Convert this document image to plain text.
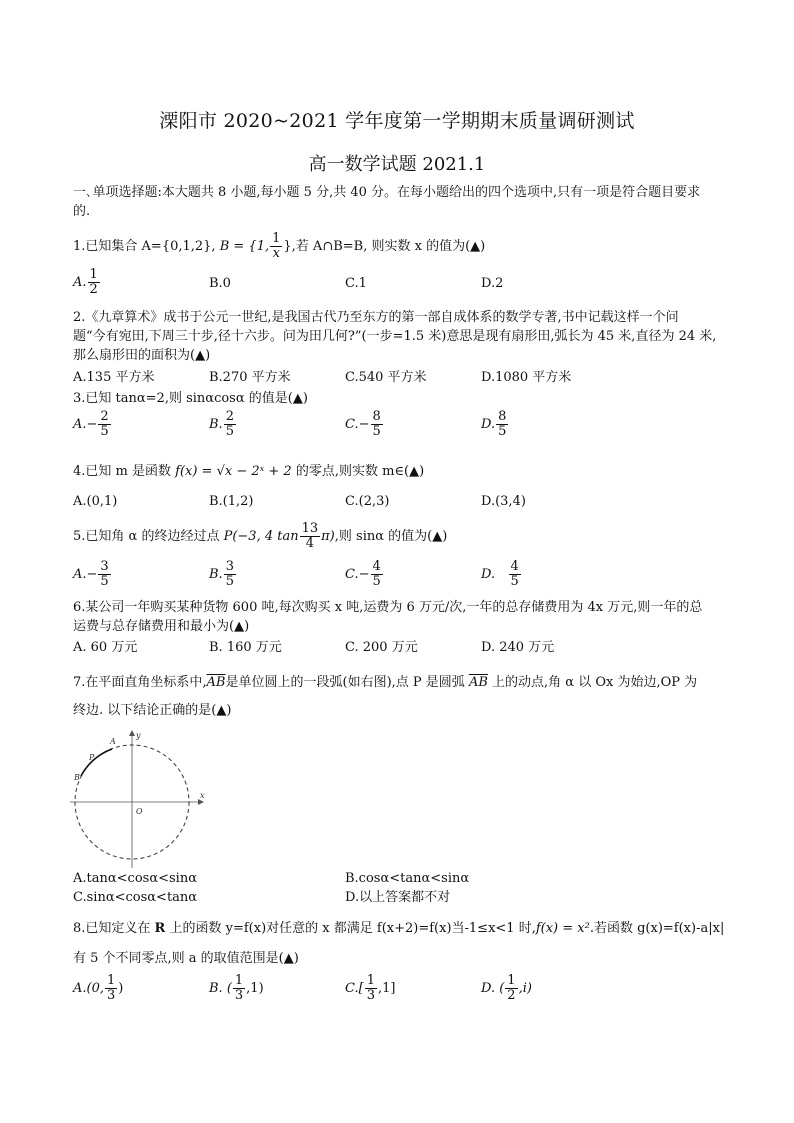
溧阳市 2020~2021 学年度第一学期期末质量调研测试
高一数学试题 2021.1
一､单项选择题:本大题共 8 小题,每小题 5 分,共 40 分。在每小题给出的四个选项中,只有一项是符合题目要求
的.
1.已知集合 A={0,1,2}, B = {1, $\frac{1}{x}$ },若 A∩B=B, 则实数 x 的值为(▲)
A. $\frac{1}{2}$	B.0	C.1	D.2
2.《九章算术》成书于公元一世纪,是我国古代乃至东方的第一部自成体系的数学专著,书中记载这样一个问
题“今有宛田,下周三十步,径十六步。问为田几何?”(一步=1.5 米)意思是现有扇形田,弧长为 45 米,直径为 24 米,
那么扇形田的面积为(▲)
A.135 平方米	B.270 平方米	C.540 平方米	D.1080 平方米
3.已知 tanα=2,则 sinαcosα 的值是(▲)
$A.- \frac{2}{5}$	B. $\frac{2}{5}$	$C.- \frac{8}{5}$	D. $\frac{8}{5}$
4.已知 m 是函数 f(x) = √x − 2ˣ + 2 的零点,则实数 m∈(▲)
A.(0,1)	B.(1,2)	C.(2,3)	D.(3,4)
5.已知角 α 的终边经过点 P(−3, 4 $\tan \frac{13}{4} \pi$),则 sinα 的值为(▲)
$A.- \frac{3}{5}$	B. $\frac{3}{5}$	$C.- \frac{4}{5}$	D. $\frac{4}{5}$
6.某公司一年购买某种货物 600 吨,每次购买 x 吨,运费为 6 万元/次,一年的总存储费用为 4x 万元,则一年的总
运费与总存储费用和最小为(▲)
A. 60 万元	B. 160 万元	C. 200 万元	D. 240 万元
7.在平面直角坐标系中$,\overline{AB}$是单位圆上的一段弧(如右图),点 P 是圆弧 $\overline{AB}$ 上的动点,角 α 以 Ox 为始边,OP 为
终边. 以下结论正确的是(▲)
y
x
O
A
P
B
A.tanα<cosα<sinα	B.cosα<tanα<sinα
C.sinα<cosα<tanα	D.以上答案都不对
8.已知定义在 R 上的函数 y=f(x)对任意的 x 都满足 f(x+2)=f(x)当-1≤x<1 时,f(x) = x².若函数 g(x)=f(x)-a|x|
有 5 个不同零点,则 a 的取值范围是(▲)
A.(0, $\frac{1}{3}$ )	B. ( $\frac{1}{3} ,1$)	$C.[ \frac{1}{3} ,1]$	D. ( $\frac{1}{2} ,i$)
